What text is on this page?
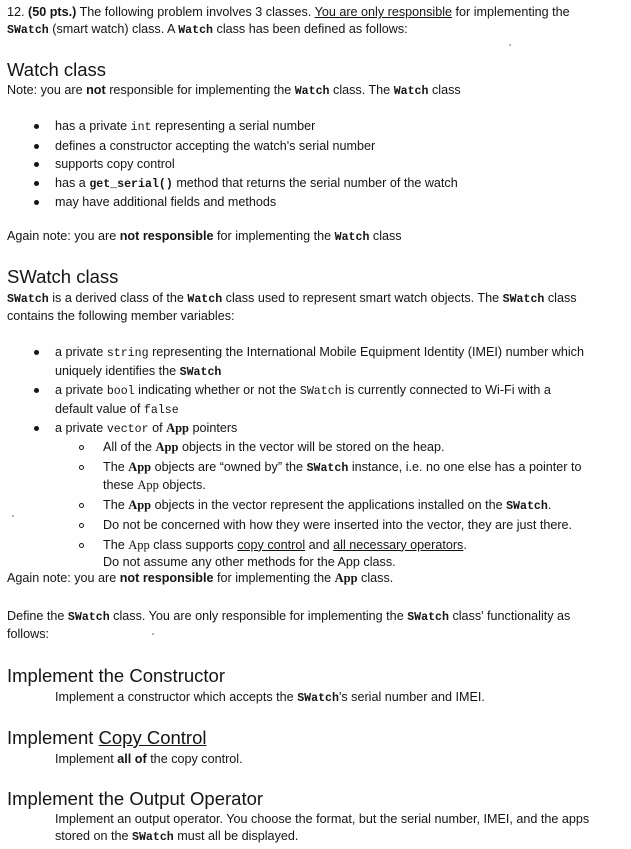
12. (50 pts.) The following problem involves 3 classes. You are only responsible for implementing the
SWatch (smart watch) class. A Watch class has been defined as follows:
Watch class
Note: you are not responsible for implementing the Watch class. The Watch class
has a private int representing a serial number
defines a constructor accepting the watch's serial number
supports copy control
has a get_serial() method that returns the serial number of the watch
may have additional fields and methods
Again note: you are not responsible for implementing the Watch class
SWatch class
SWatch is a derived class of the Watch class used to represent smart watch objects. The SWatch class
contains the following member variables:
a private string representing the International Mobile Equipment Identity (IMEI) number which
uniquely identifies the SWatch
a private bool indicating whether or not the SWatch is currently connected to Wi-Fi with a
default value of false
a private vector of App pointers
All of the App objects in the vector will be stored on the heap.
The App objects are “owned by” the SWatch instance, i.e. no one else has a pointer to
these App objects.
The App objects in the vector represent the applications installed on the SWatch.
Do not be concerned with how they were inserted into the vector, they are just there.
The App class supports copy control and all necessary operators.
Do not assume any other methods for the App class.
Again note: you are not responsible for implementing the App class.
Define the SWatch class. You are only responsible for implementing the SWatch class' functionality as
follows:
Implement the Constructor
Implement a constructor which accepts the SWatch's serial number and IMEI.
Implement Copy Control
Implement all of the copy control.
Implement the Output Operator
Implement an output operator. You choose the format, but the serial number, IMEI, and the apps
stored on the SWatch must all be displayed.
